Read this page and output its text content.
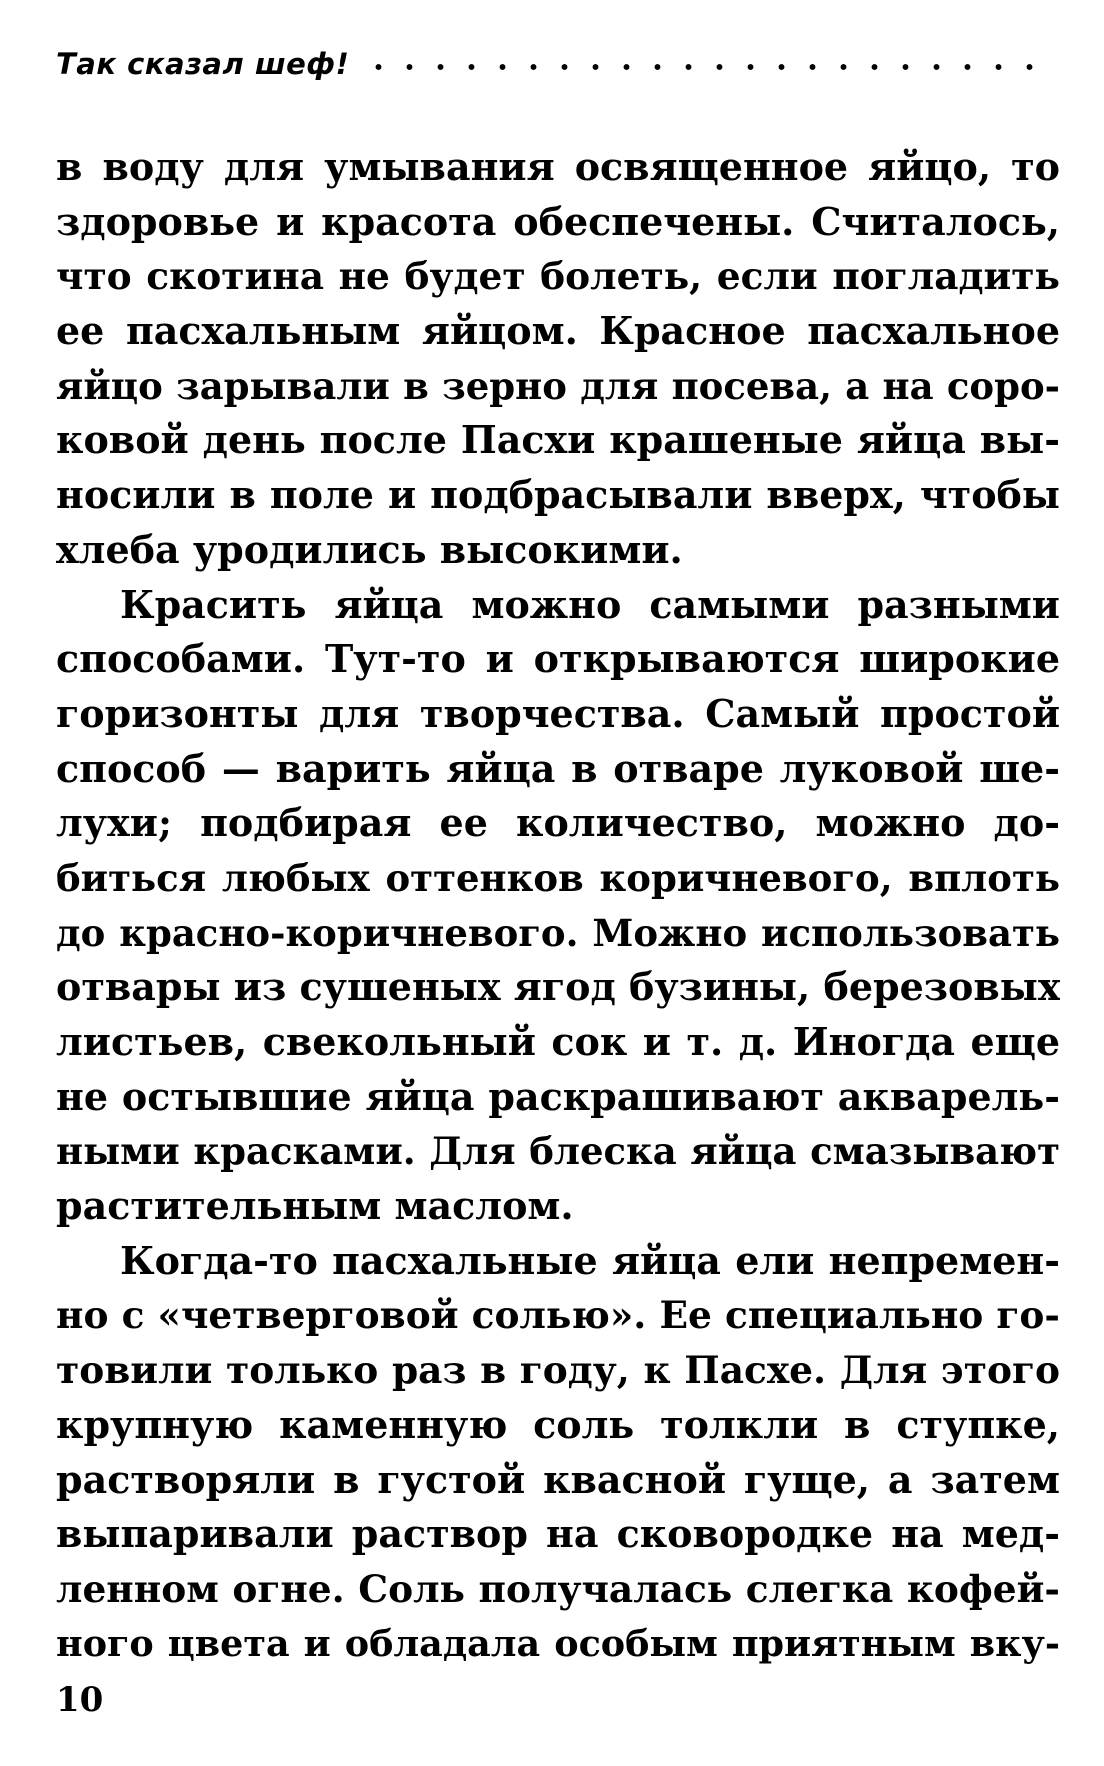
Так сказал шеф!
в воду для умывания освященное яйцо, то
здоровье и красота обеспечены. Считалось,
что скотина не будет болеть, если погладить
ее пасхальным яйцом. Красное пасхальное
яйцо зарывали в зерно для посева, а на соро-
ковой день после Пасхи крашеные яйца вы-
носили в поле и подбрасывали вверх, чтобы
хлеба уродились высокими.
Красить яйца можно самыми разными
способами. Тут-то и открываются широкие
горизонты для творчества. Самый простой
способ — варить яйца в отваре луковой ше-
лухи; подбирая ее количество, можно до-
биться любых оттенков коричневого, вплоть
до красно-коричневого. Можно использовать
отвары из сушеных ягод бузины, березовых
листьев, свекольный сок и т. д. Иногда еще
не остывшие яйца раскрашивают акварель-
ными красками. Для блеска яйца смазывают
растительным маслом.
Когда-то пасхальные яйца ели непремен-
но с «четверговой солью». Ее специально го-
товили только раз в году, к Пасхе. Для этого
крупную каменную соль толкли в ступке,
растворяли в густой квасной гуще, а затем
выпаривали раствор на сковородке на мед-
ленном огне. Соль получалась слегка кофей-
ного цвета и обладала особым приятным вку-
10
